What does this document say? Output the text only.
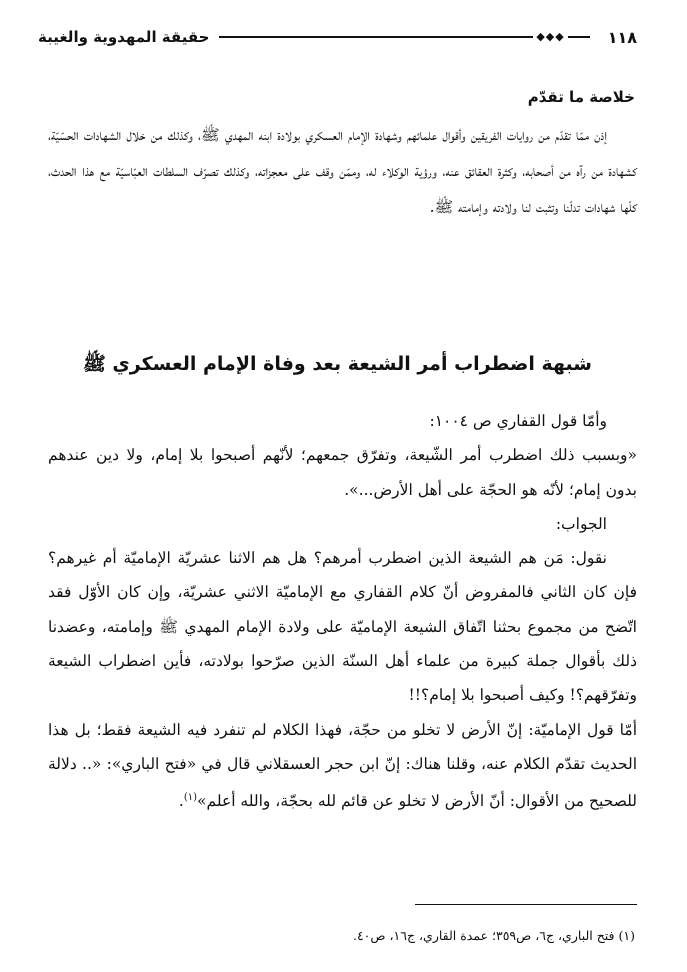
١١٨
◆◆◆
حقيقة المهدوية والغيبة
خلاصة ما تقدّم
إذن ممّا تقدّم من روايات الفريقين وأقوال علمائهم وشهادة الإمام العسكري بولادة ابنه المهدي ﷺ، وكذلك من خلال الشهادات الحسّيّة، كشهادة من رآه من أصحابه، وكثرة العقائق عنه، ورؤية الوكلاء له، وممّن وقف على معجزاته، وكذلك تصرّف السلطات العبّاسيّة مع هذا الحدث، كلّها شهادات تدلّنا وتثبت لنا ولادته وإمامته ﷺ.
شبهة اضطراب أمر الشيعة بعد وفاة الإمام العسكري ﷺ

وأمّا قول القفاري ص ١٠٠٤:

«وبسبب ذلك اضطرب أمر الشّيعة، وتفرّق جمعهم؛ لأنّهم أصبحوا بلا إمام، ولا دين عندهم بدون إمام؛ لأنّه هو الحجّة على أهل الأرض...».

الجواب:

نقول: مَن هم الشيعة الذين اضطرب أمرهم؟ هل هم الاثنا عشريّة الإماميّة أم غيرهم؟ فإن كان الثاني فالمفروض أنّ كلام القفاري مع الإماميّة الاثني عشريّة، وإن كان الأوّل فقد اتّضح من مجموع بحثنا اتّفاق الشيعة الإماميّة على ولادة الإمام المهدي ﷺ وإمامته، وعضدنا ذلك بأقوال جملة كبيرة من علماء أهل السنّة الذين صرّحوا بولادته، فأين اضطراب الشيعة وتفرّقهم؟! وكيف أصبحوا بلا إمام؟!!

أمّا قول الإماميّة: إنّ الأرض لا تخلو من حجّة، فهذا الكلام لم تنفرد فيه الشيعة فقط؛ بل هذا الحديث تقدّم الكلام عنه، وقلنا هناك: إنّ ابن حجر العسقلاني قال في «فتح الباري»: «.. دلالة للصحيح من الأقوال: أنّ الأرض لا تخلو عن قائم لله بحجّة، والله أعلم»$^{(١)}$.

(١) فتح الباري، ج٦، ص٣٥٩؛ عمدة القاري، ج١٦، ص٤٠.
